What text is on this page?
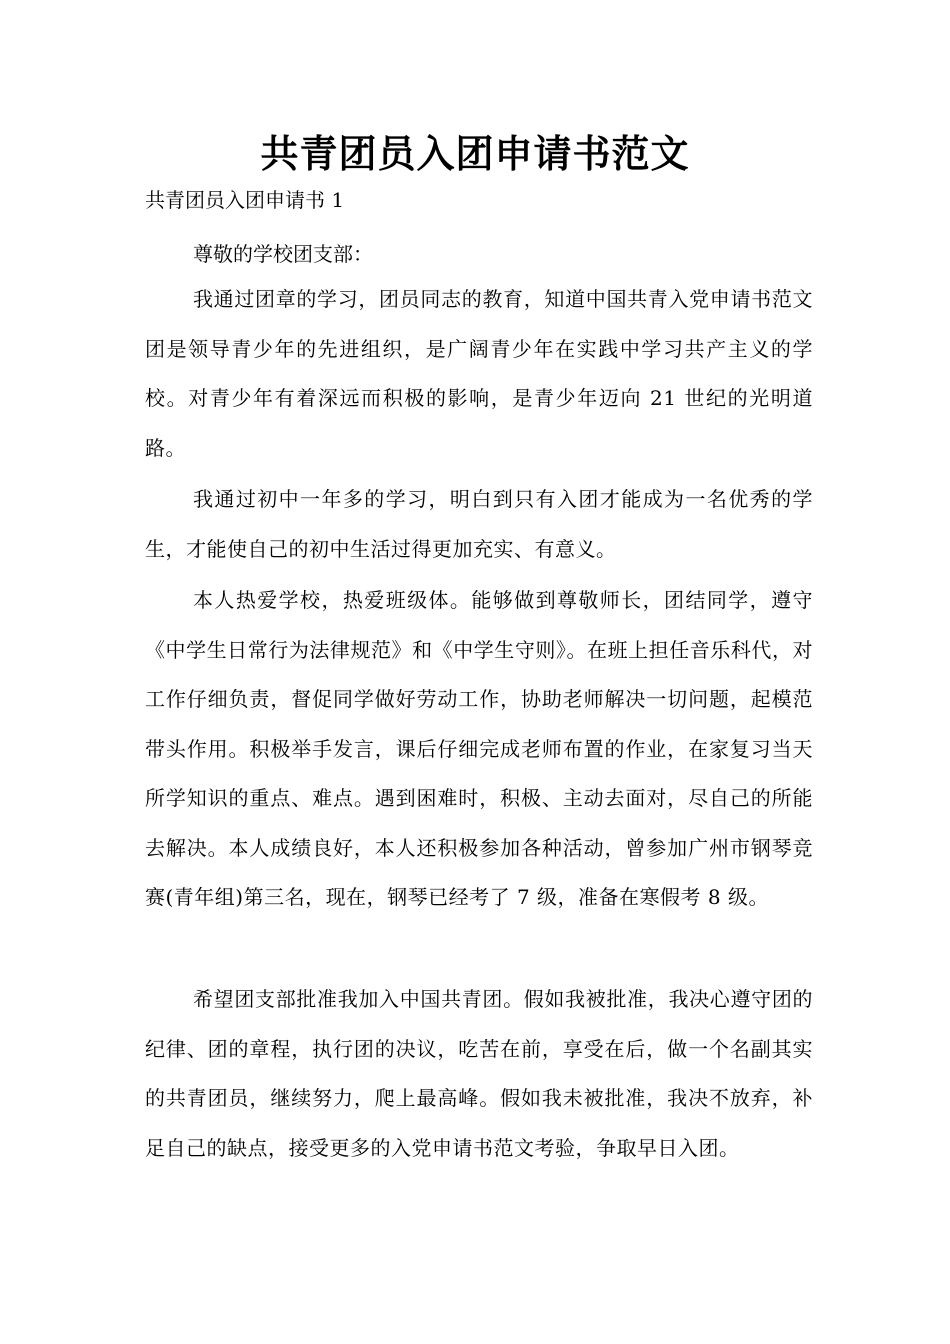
共青团员入团申请书范文

共青团员入团申请书 1

尊敬的学校团支部：

我通过团章的学习，团员同志的教育，知道中国共青入党申请书范文团是领导青少年的先进组织，是广阔青少年在实践中学习共产主义的学校。对青少年有着深远而积极的影响，是青少年迈向 21 世纪的光明道路。

我通过初中一年多的学习，明白到只有入团才能成为一名优秀的学生，才能使自己的初中生活过得更加充实、有意义。

本人热爱学校，热爱班级体。能够做到尊敬师长，团结同学，遵守《中学生日常行为法律规范》和《中学生守则》。在班上担任音乐科代，对工作仔细负责，督促同学做好劳动工作，协助老师解决一切问题，起模范带头作用。积极举手发言，课后仔细完成老师布置的作业，在家复习当天所学知识的重点、难点。遇到困难时，积极、主动去面对，尽自己的所能去解决。本人成绩良好，本人还积极参加各种活动，曾参加广州市钢琴竞赛(青年组)第三名，现在，钢琴已经考了 7 级，准备在寒假考 8 级。

希望团支部批准我加入中国共青团。假如我被批准，我决心遵守团的纪律、团的章程，执行团的决议，吃苦在前，享受在后，做一个名副其实的共青团员，继续努力，爬上最高峰。假如我未被批准，我决不放弃，补足自己的缺点，接受更多的入党申请书范文考验，争取早日入团。
